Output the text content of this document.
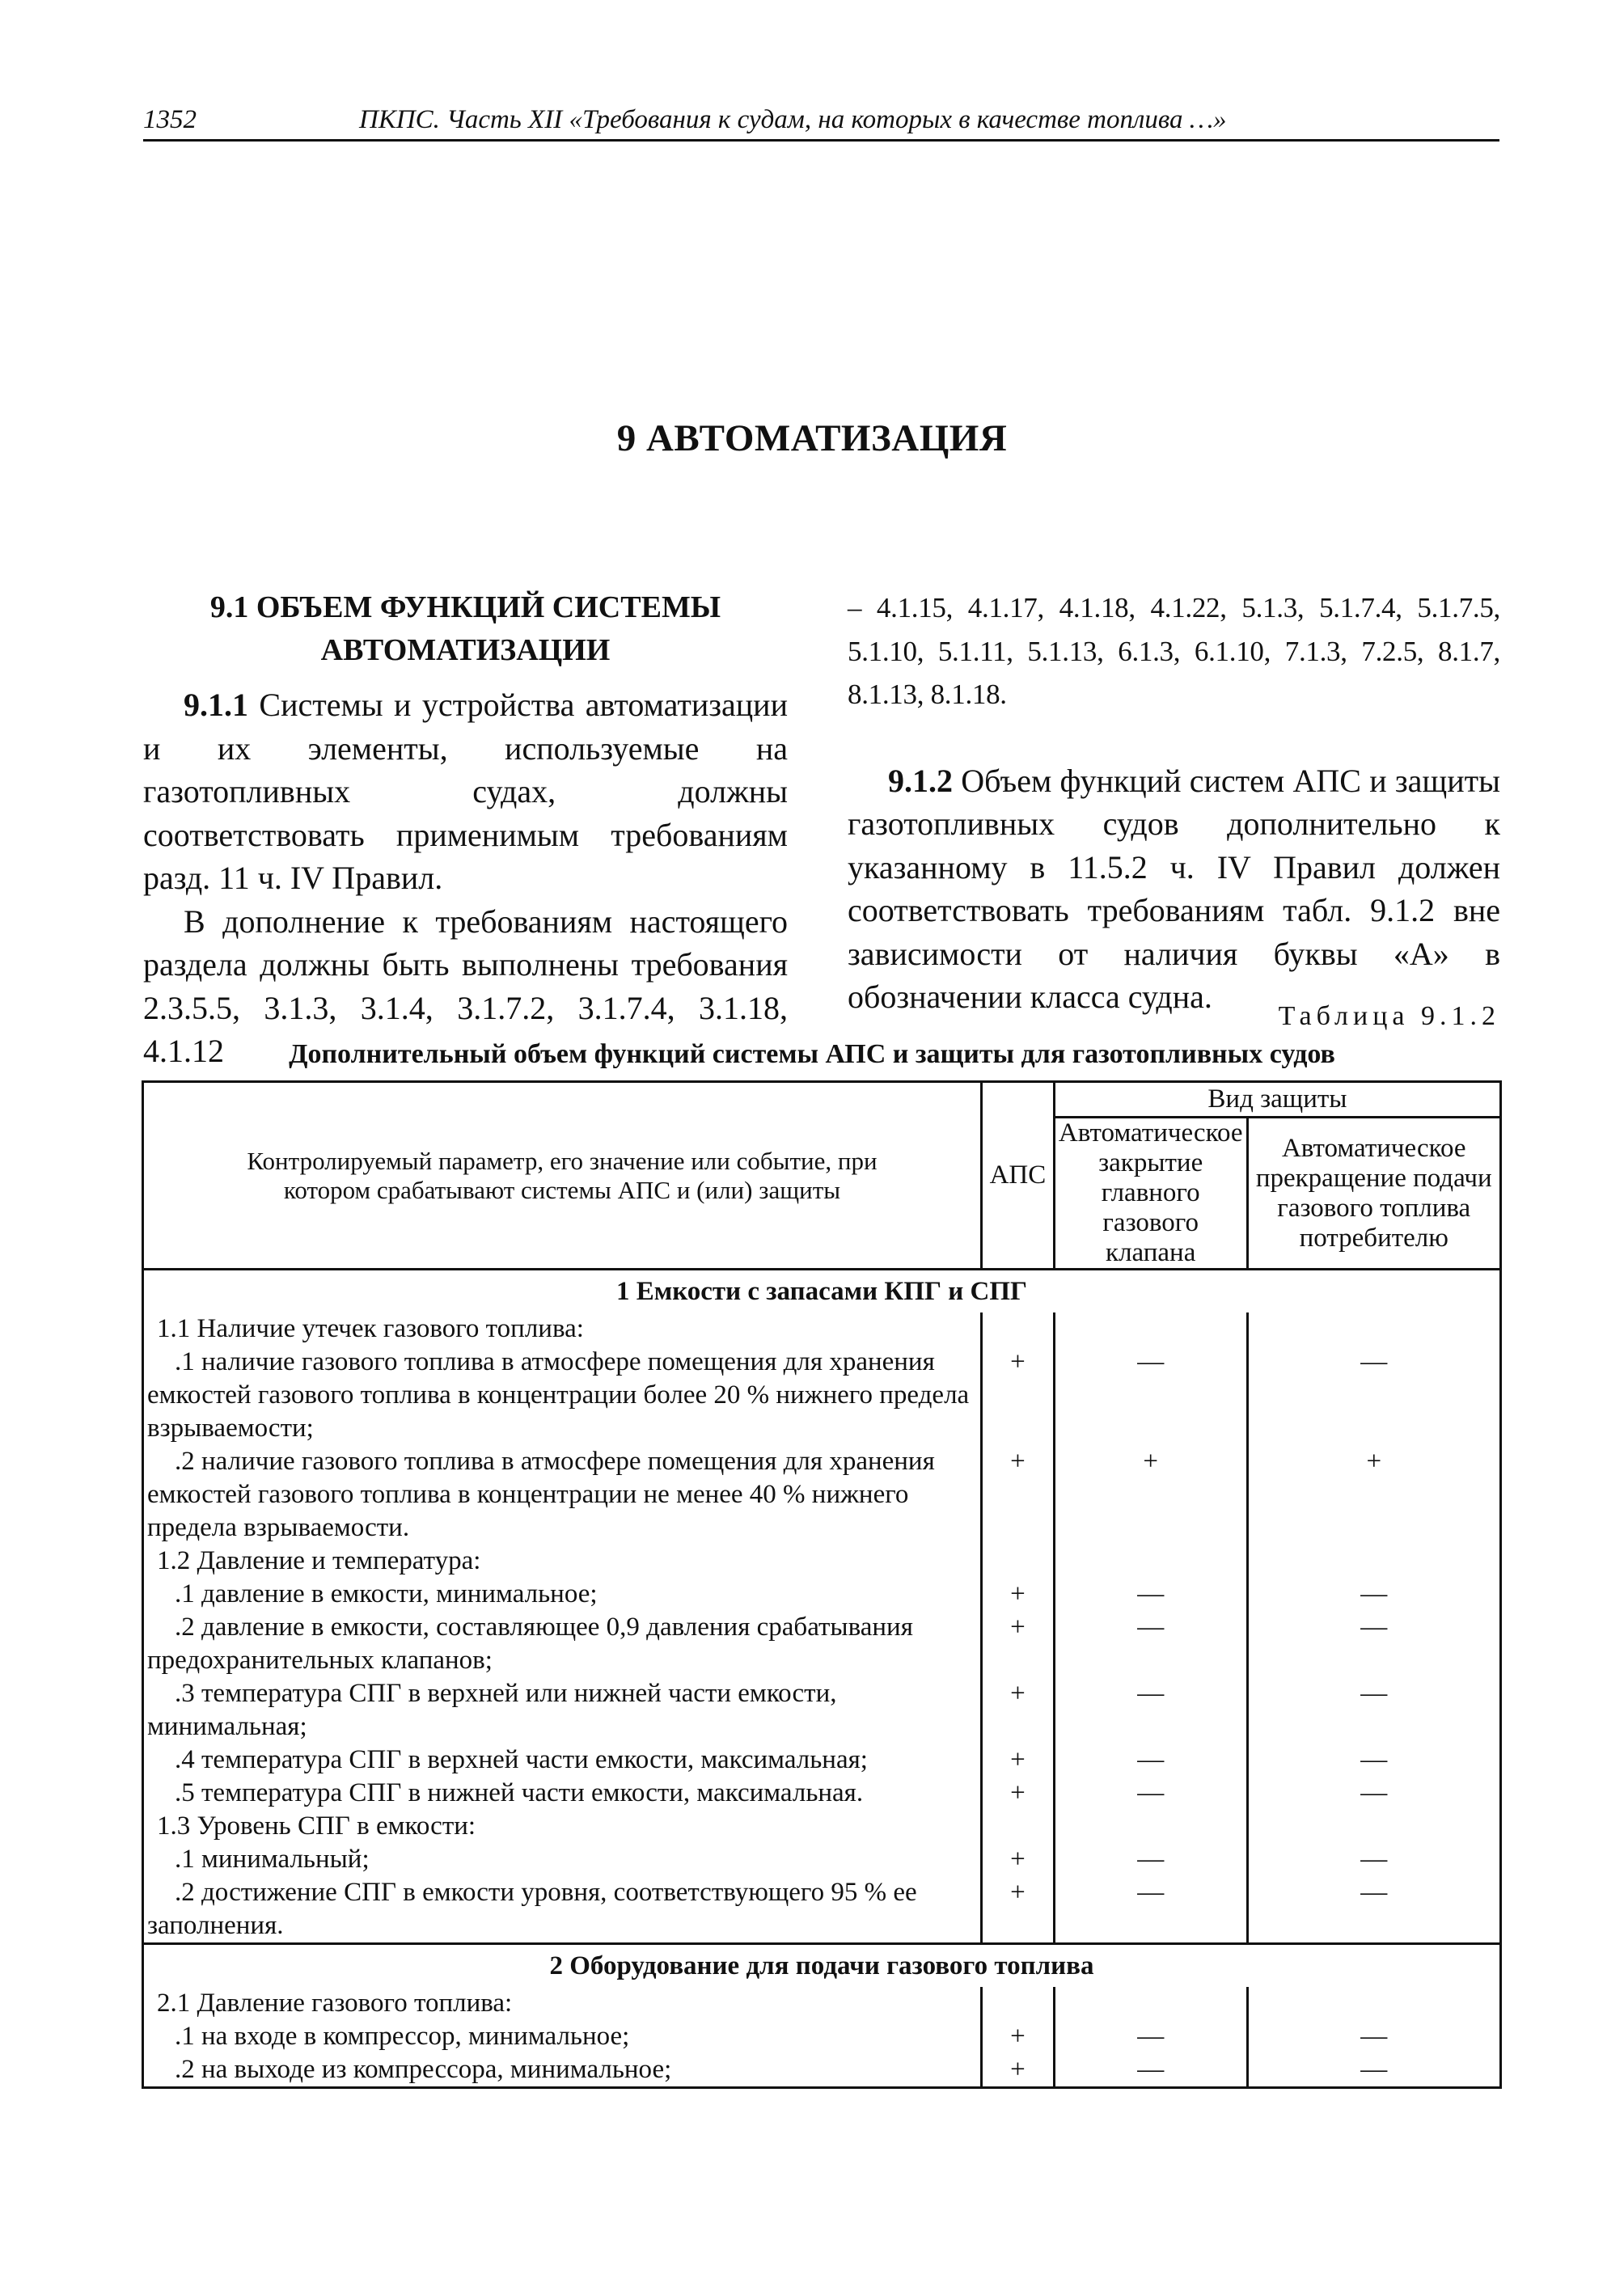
1352	ПКПС. Часть XII «Требования к судам, на которых в качестве топлива …»
9 АВТОМАТИЗАЦИЯ
9.1 ОБЪЕМ ФУНКЦИЙ СИСТЕМЫ
АВТОМАТИЗАЦИИ

9.1.1 Системы и устройства автоматизации и их элементы, используемые на газотопливных судах, должны соответствовать применимым требованиям разд. 11 ч. IV Правил.

В дополнение к требованиям настоящего раздела должны быть выполнены требования 2.3.5.5, 3.1.3, 3.1.4, 3.1.7.2, 3.1.7.4, 3.1.18, 4.1.12

– 4.1.15, 4.1.17, 4.1.18, 4.1.22, 5.1.3, 5.1.7.4, 5.1.7.5, 5.1.10, 5.1.11, 5.1.13, 6.1.3, 6.1.10, 7.1.3, 7.2.5, 8.1.7, 8.1.13, 8.1.18.

9.1.2 Объем функций систем АПС и защиты газотопливных судов дополнительно к указанному в 11.5.2 ч. IV Правил должен соответствовать требованиям табл. 9.1.2 вне зависимости от наличия буквы «А» в обозначении класса судна.

Таблица 9.1.2
Дополнительный объем функций системы АПС и защиты для газотопливных судов
Контролируемый параметр, его значение или событие, при котором срабатывают системы АПС и (или) защиты	АПС	Вид защиты	
		Автоматическое закрытие главного газового клапана	Автоматическое прекращение подачи газового топлива потребителю
1 Емкости с запасами КПГ и СПГ			
1.1 Наличие утечек газового топлива:			
.1 наличие газового топлива в атмосфере помещения для хранения емкостей газового топлива в концентрации более 20 % нижнего предела взрываемости;	+	—	—
.2 наличие газового топлива в атмосфере помещения для хранения емкостей газового топлива в концентрации не менее 40 % нижнего предела взрываемости.	+	+	+
1.2 Давление и температура:			
.1 давление в емкости, минимальное;	+	—	—
.2 давление в емкости, составляющее 0,9 давления срабатывания предохранительных клапанов;	+	—	—
.3 температура СПГ в верхней или нижней части емкости, минимальная;	+	—	—
.4 температура СПГ в верхней части емкости, максимальная;	+	—	—
.5 температура СПГ в нижней части емкости, максимальная.	+	—	—
1.3 Уровень СПГ в емкости:			
.1 минимальный;	+	—	—
.2 достижение СПГ в емкости уровня, соответствующего 95 % ее заполнения.	+	—	—
2 Оборудование для подачи газового топлива			
2.1 Давление газового топлива:			
.1 на входе в компрессор, минимальное;	+	—	—
.2 на выходе из компрессора, минимальное;	+	—	—
